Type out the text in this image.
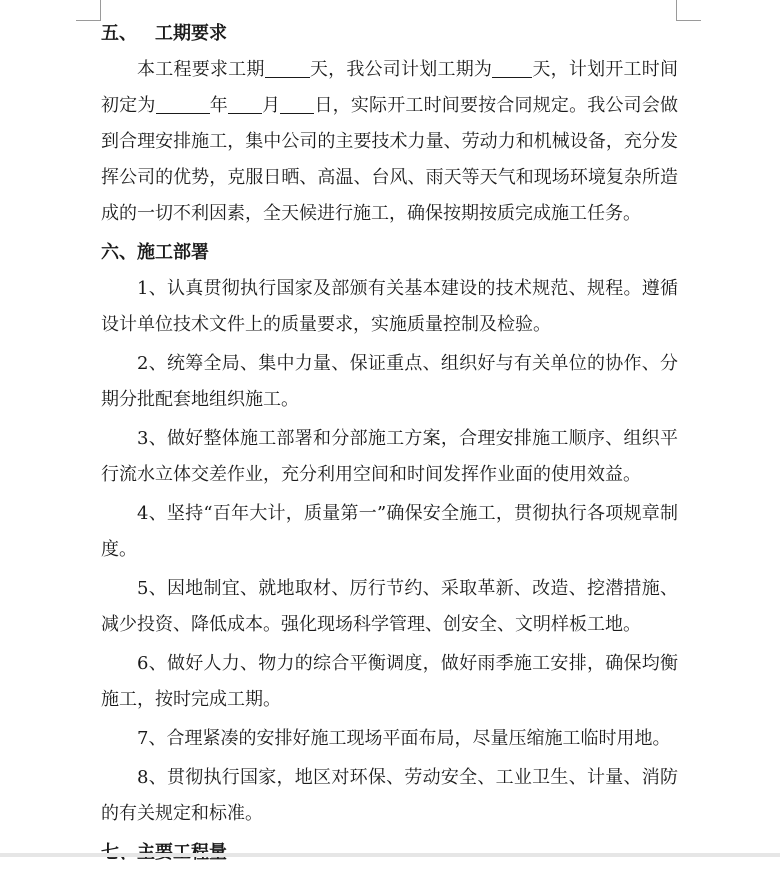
五、 工期要求

本工程要求工期	天，我公司计划工期为 天，计划开工时间初定为	年 月 日，实际开工时间要按合同规定。我公司会做到合理安排施工，集中公司的主要技术力量、劳动力和机械设备，充分发挥公司的优势，克服日晒、高温、台风、雨天等天气和现场环境复杂所造成的一切不利因素，全天候进行施工，确保按期按质完成施工任务。

六、施工部署

1、认真贯彻执行国家及部颁有关基本建设的技术规范、规程。遵循设计单位技术文件上的质量要求，实施质量控制及检验。

2、统筹全局、集中力量、保证重点、组织好与有关单位的协作、分期分批配套地组织施工。

3、做好整体施工部署和分部施工方案，合理安排施工顺序、组织平行流水立体交差作业，充分利用空间和时间发挥作业面的使用效益。

4、坚持“百年大计，质量第一”确保安全施工，贯彻执行各项规章制度。

5、因地制宜、就地取材、厉行节约、采取革新、改造、挖潜措施、减少投资、降低成本。强化现场科学管理、创安全、文明样板工地。

6、做好人力、物力的综合平衡调度，做好雨季施工安排，确保均衡施工，按时完成工期。

7、合理紧凑的安排好施工现场平面布局，尽量压缩施工临时用地。

8、贯彻执行国家，地区对环保、劳动安全、工业卫生、计量、消防的有关规定和标准。
